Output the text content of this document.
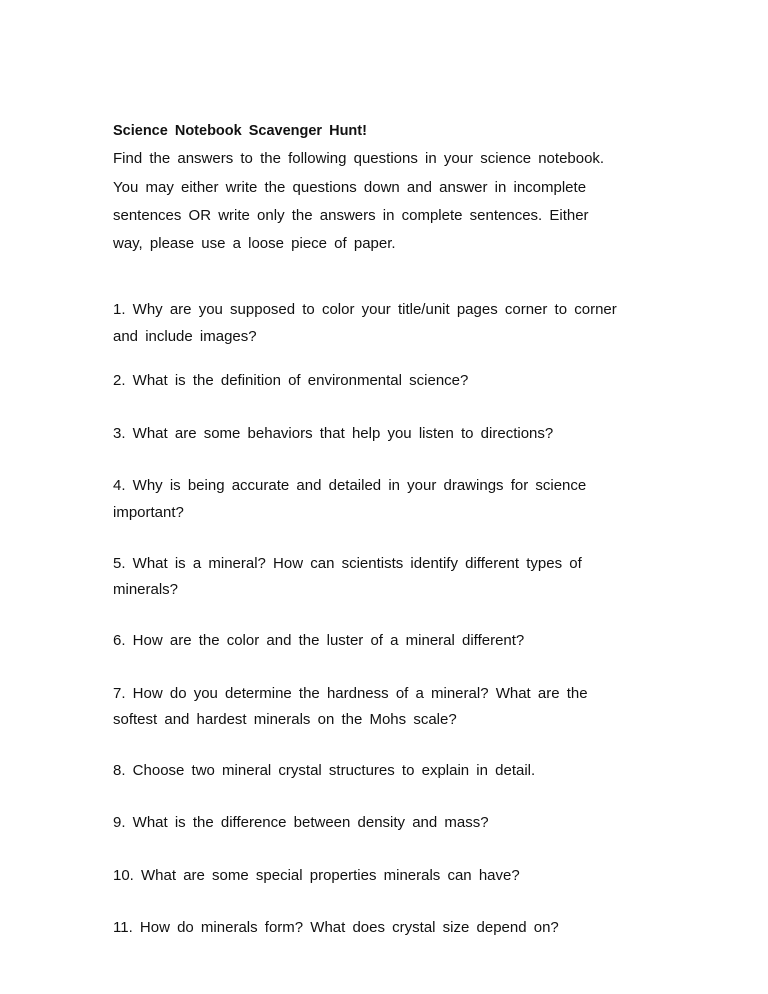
Science Notebook Scavenger Hunt!
Find the answers to the following questions in your science notebook.
You may either write the questions down and answer in incomplete
sentences OR write only the answers in complete sentences. Either
way, please use a loose piece of paper.
1. Why are you supposed to color your title/unit pages corner to corner
and include images?
2. What is the definition of environmental science?
3. What are some behaviors that help you listen to directions?
4. Why is being accurate and detailed in your drawings for science
important?
5. What is a mineral? How can scientists identify different types of
minerals?
6. How are the color and the luster of a mineral different?
7. How do you determine the hardness of a mineral? What are the
softest and hardest minerals on the Mohs scale?
8. Choose two mineral crystal structures to explain in detail.
9. What is the difference between density and mass?
10. What are some special properties minerals can have?
11. How do minerals form? What does crystal size depend on?
